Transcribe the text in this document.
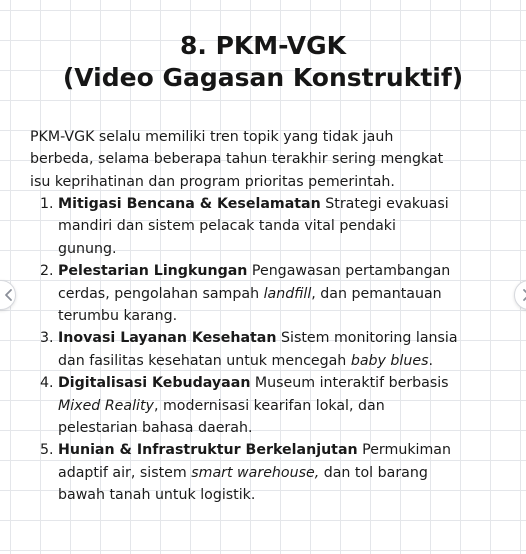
8. PKM-VGK
(Video Gagasan Konstruktif)
PKM-VGK selalu memiliki tren topik yang tidak jauh
berbeda, selama beberapa tahun terakhir sering mengkat
isu keprihatinan dan program prioritas pemerintah.
1. Mitigasi Bencana & Keselamatan Strategi evakuasi
mandiri dan sistem pelacak tanda vital pendaki
gunung.
2. Pelestarian Lingkungan Pengawasan pertambangan
cerdas, pengolahan sampah landfill, dan pemantauan
terumbu karang.
3. Inovasi Layanan Kesehatan Sistem monitoring lansia
dan fasilitas kesehatan untuk mencegah baby blues.
4. Digitalisasi Kebudayaan Museum interaktif berbasis
Mixed Reality, modernisasi kearifan lokal, dan
pelestarian bahasa daerah.
5. Hunian & Infrastruktur Berkelanjutan Permukiman
adaptif air, sistem smart warehouse, dan tol barang
bawah tanah untuk logistik.
